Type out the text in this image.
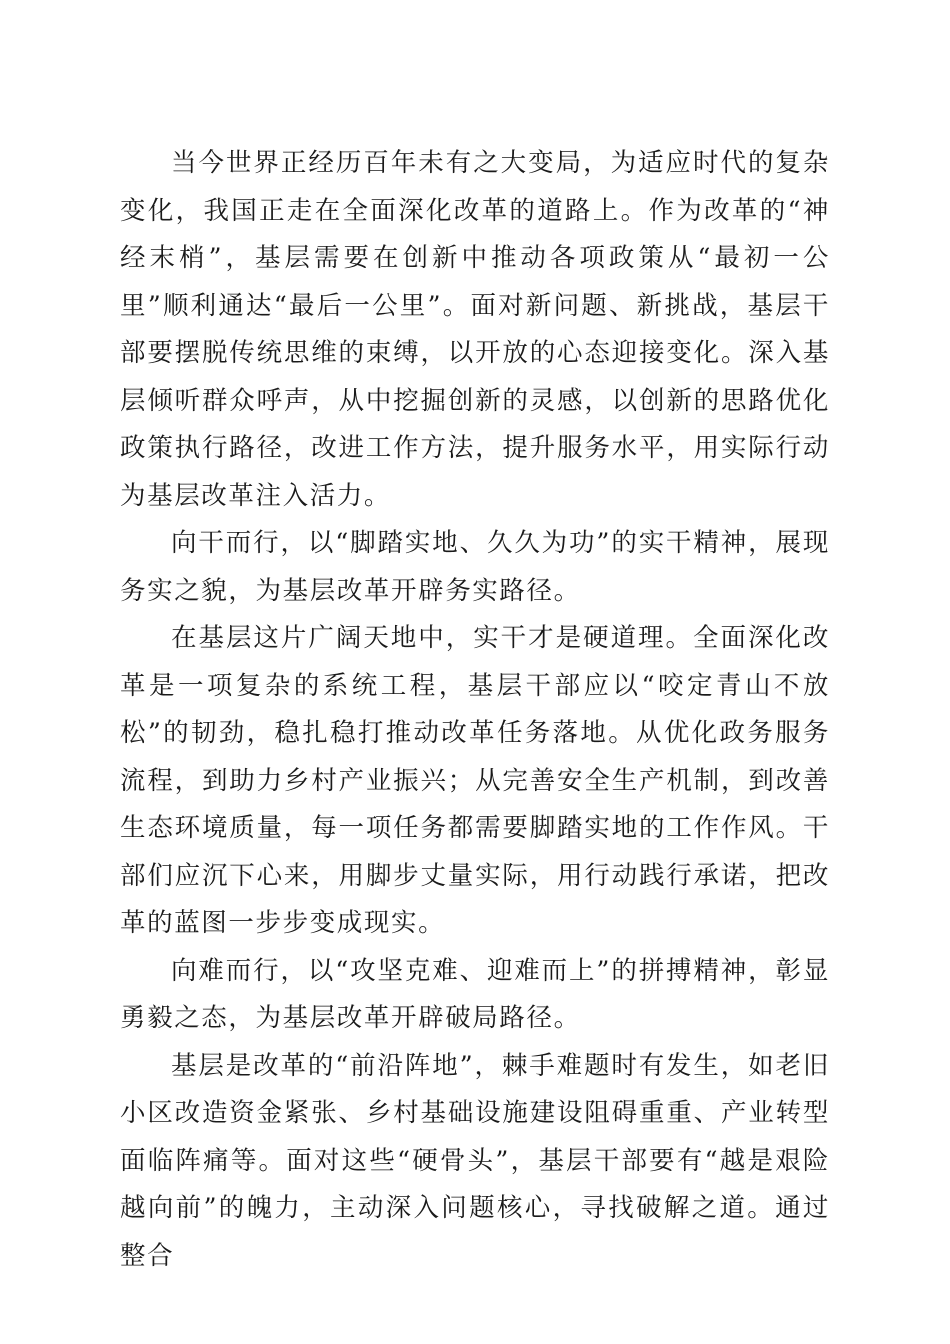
当今世界正经历百年未有之大变局，为适应时代的复杂变化，我国正走在全面深化改革的道路上。作为改革的“神经末梢”，基层需要在创新中推动各项政策从“最初一公里”顺利通达“最后一公里”。面对新问题、新挑战，基层干部要摆脱传统思维的束缚，以开放的心态迎接变化。深入基层倾听群众呼声，从中挖掘创新的灵感，以创新的思路优化政策执行路径，改进工作方法，提升服务水平，用实际行动为基层改革注入活力。

向干而行，以“脚踏实地、久久为功”的实干精神，展现务实之貌，为基层改革开辟务实路径。

在基层这片广阔天地中，实干才是硬道理。全面深化改革是一项复杂的系统工程，基层干部应以“咬定青山不放松”的韧劲，稳扎稳打推动改革任务落地。从优化政务服务流程，到助力乡村产业振兴；从完善安全生产机制，到改善生态环境质量，每一项任务都需要脚踏实地的工作作风。干部们应沉下心来，用脚步丈量实际，用行动践行承诺，把改革的蓝图一步步变成现实。

向难而行，以“攻坚克难、迎难而上”的拼搏精神，彰显勇毅之态，为基层改革开辟破局路径。

基层是改革的“前沿阵地”，棘手难题时有发生，如老旧小区改造资金紧张、乡村基础设施建设阻碍重重、产业转型面临阵痛等。面对这些“硬骨头”，基层干部要有“越是艰险越向前”的魄力，主动深入问题核心，寻找破解之道。通过整合
